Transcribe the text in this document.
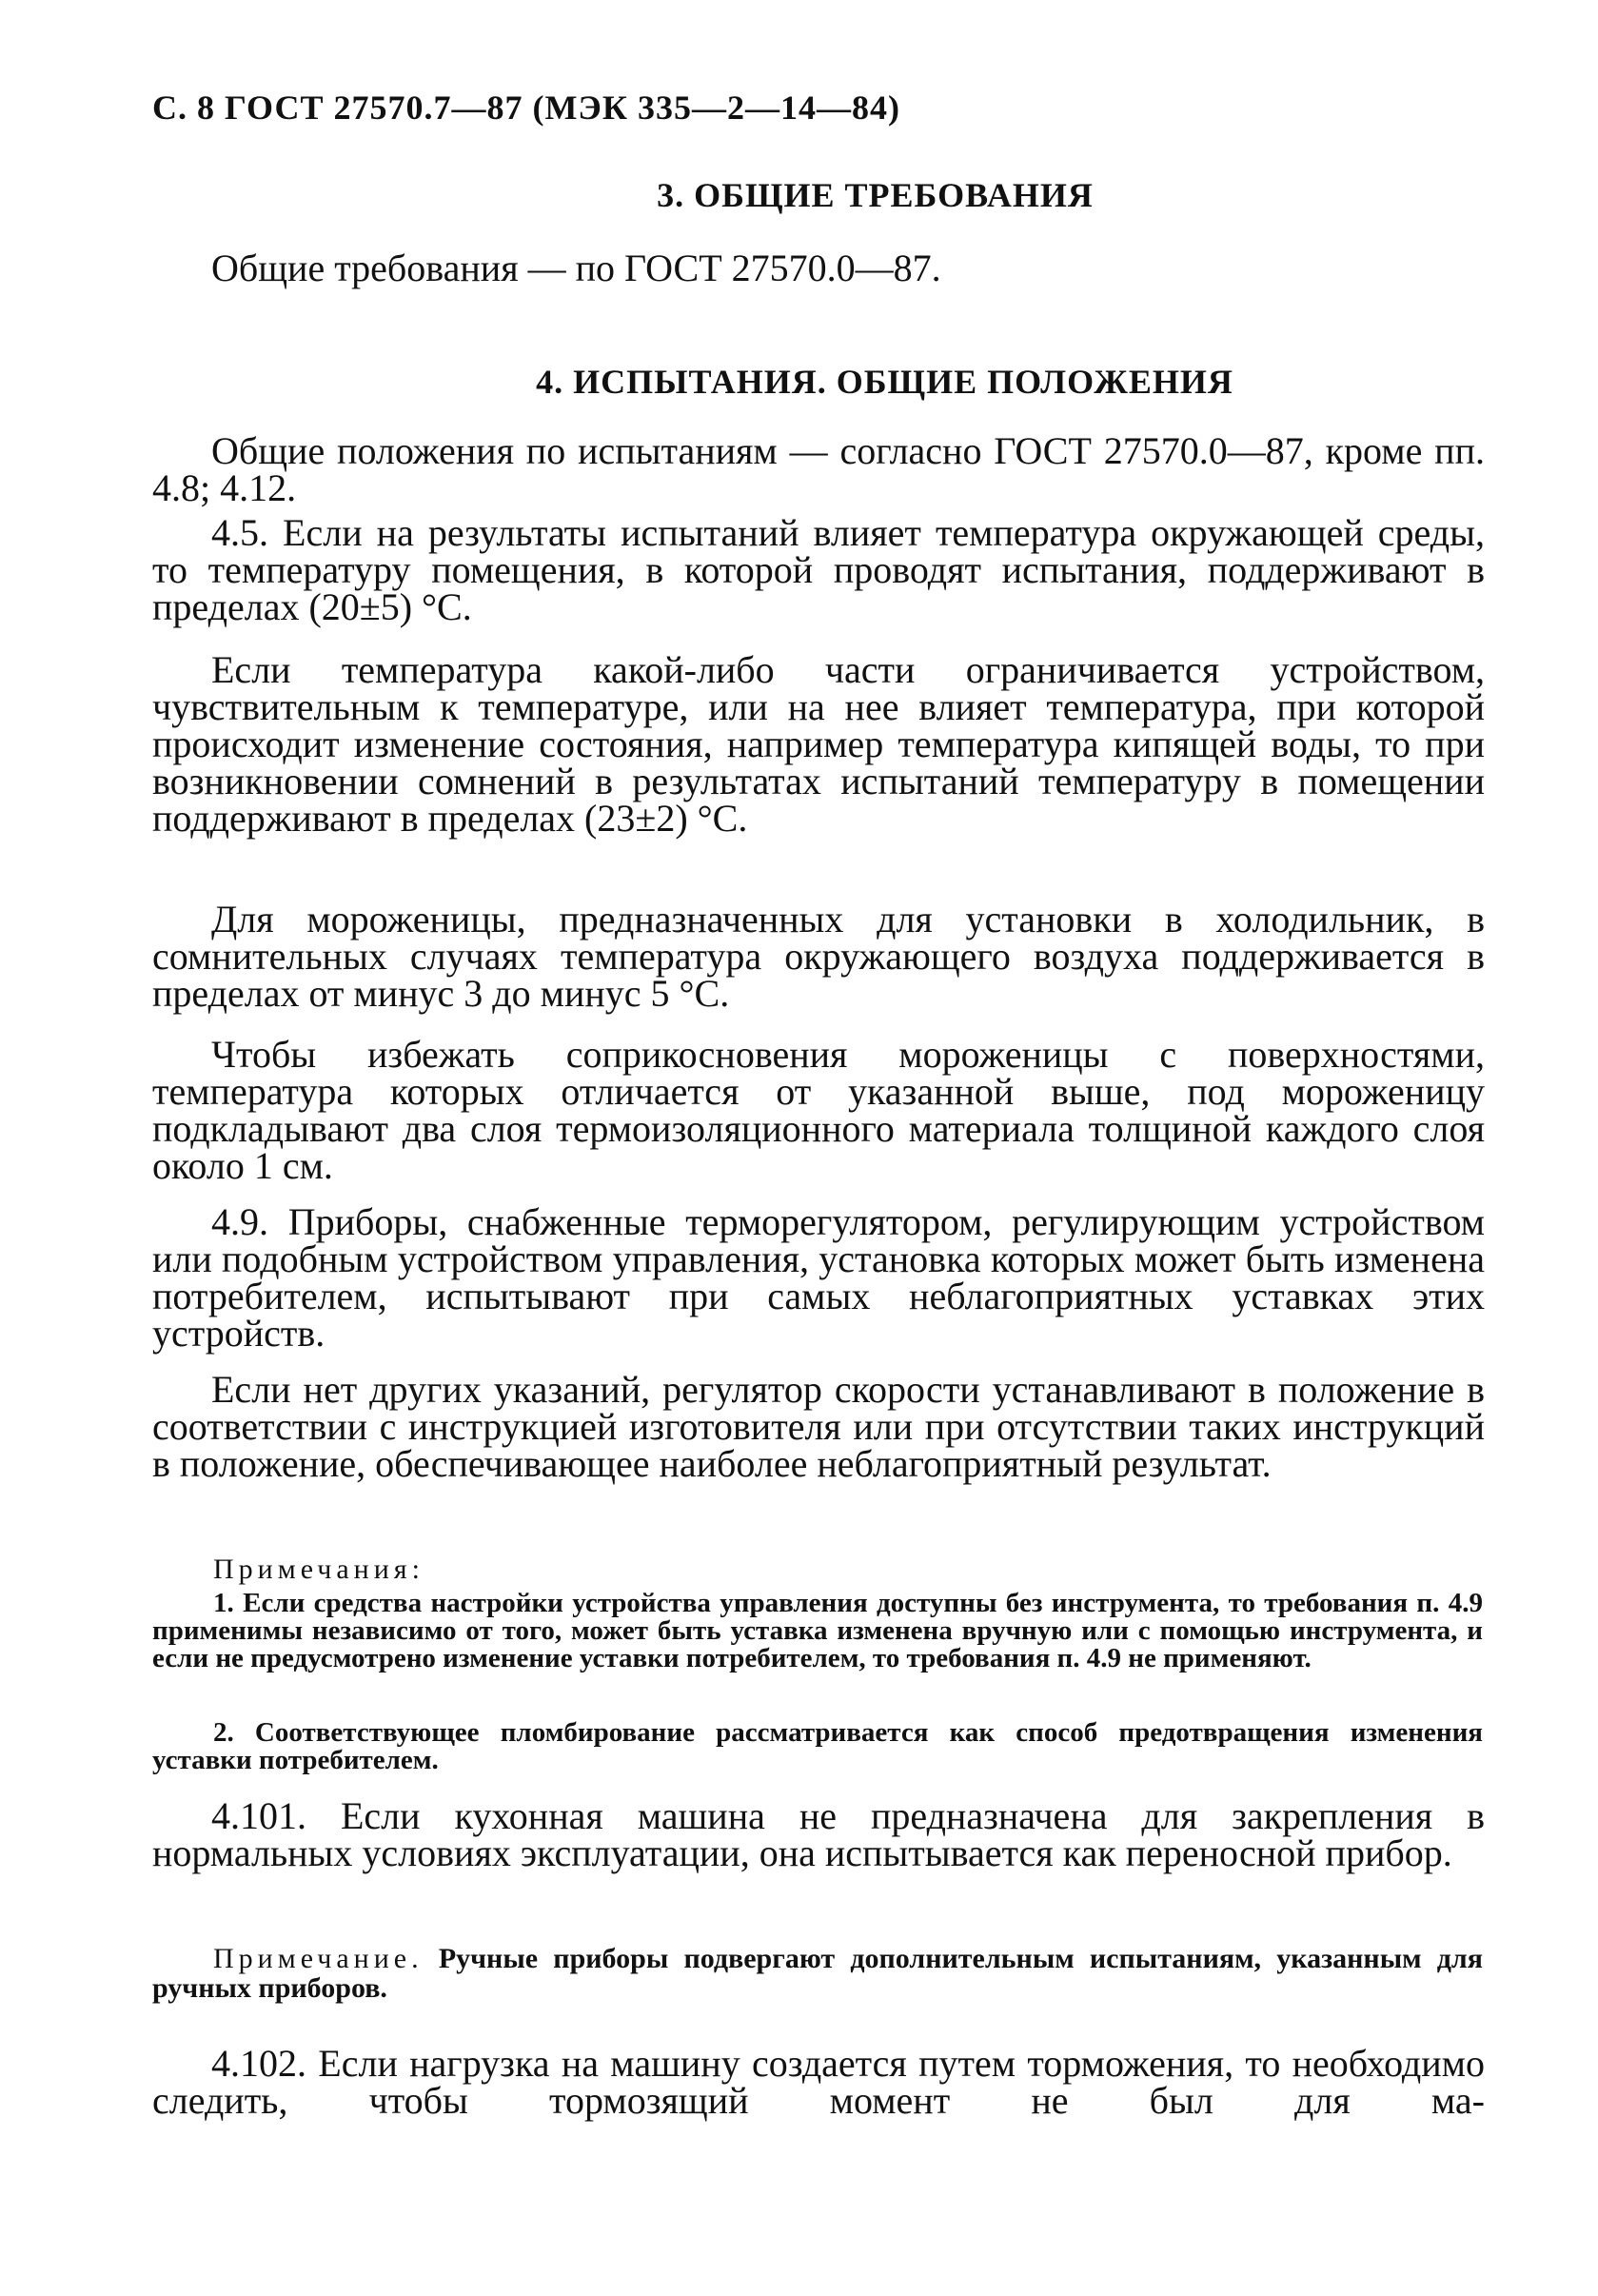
С. 8 ГОСТ 27570.7—87 (МЭК 335—2—14—84)
3. ОБЩИЕ ТРЕБОВАНИЯ
Общие требования — по ГОСТ 27570.0—87.
4. ИСПЫТАНИЯ. ОБЩИЕ ПОЛОЖЕНИЯ
Общие положения по испытаниям — согласно ГОСТ 27570.0—87, кроме пп. 4.8; 4.12.
4.5. Если на результаты испытаний влияет температура окружающей среды, то температуру помещения, в которой проводят испытания, поддерживают в пределах (20±5) °С.
Если температура какой-либо части ограничивается устройством, чувствительным к температуре, или на нее влияет температура, при которой происходит изменение состояния, например температура кипящей воды, то при возникновении сомнений в результатах испытаний температуру в помещении поддерживают в пределах (23±2) °С.
Для мороженицы, предназначенных для установки в холодильник, в сомнительных случаях температура окружающего воздуха поддерживается в пределах от минус 3 до минус 5 °С.
Чтобы избежать соприкосновения мороженицы с поверхностями, температура которых отличается от указанной выше, под мороженицу подкладывают два слоя термоизоляционного материала толщиной каждого слоя около 1 см.
4.9. Приборы, снабженные терморегулятором, регулирующим устройством или подобным устройством управления, установка которых может быть изменена потребителем, испытывают при самых неблагоприятных уставках этих устройств.
Если нет других указаний, регулятор скорости устанавливают в положение в соответствии с инструкцией изготовителя или при отсутствии таких инструкций в положение, обеспечивающее наиболее неблагоприятный результат.
Примечания:
1. Если средства настройки устройства управления доступны без инструмента, то требования п. 4.9 применимы независимо от того, может быть уставка изменена вручную или с помощью инструмента, и если не предусмотрено изменение уставки потребителем, то требования п. 4.9 не применяют.
2. Соответствующее пломбирование рассматривается как способ предотвращения изменения уставки потребителем.
4.101. Если кухонная машина не предназначена для закрепления в нормальных условиях эксплуатации, она испытывается как переносной прибор.
Примечание. Ручные приборы подвергают дополнительным испытаниям, указанным для ручных приборов.
4.102. Если нагрузка на машину создается путем торможения, то необходимо следить, чтобы тормозящий момент не был для ма-
